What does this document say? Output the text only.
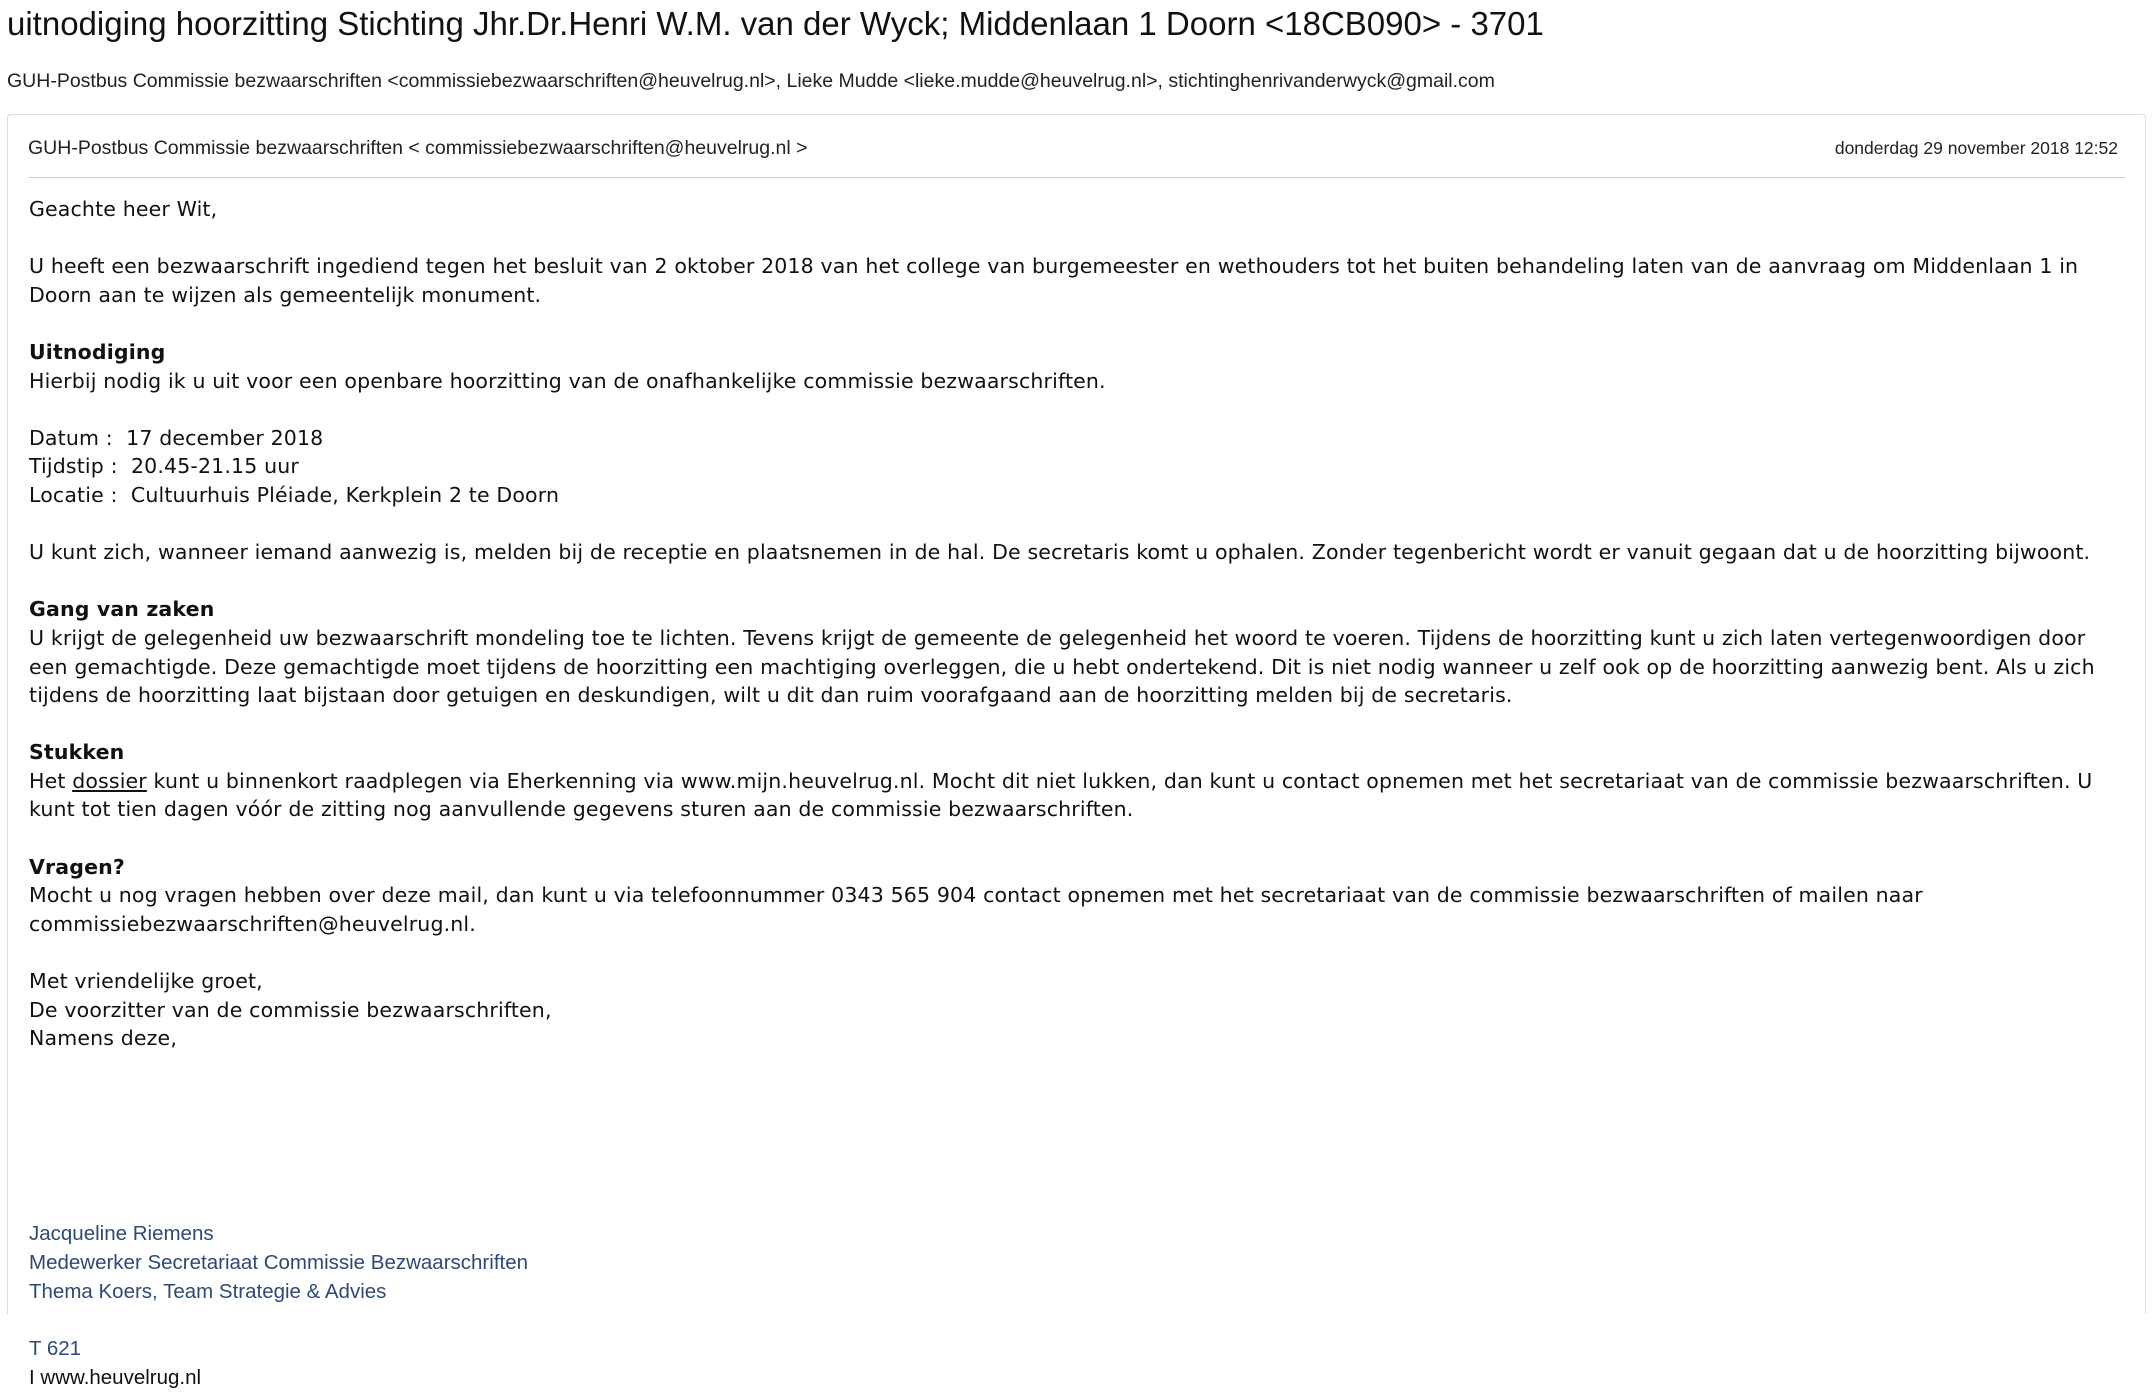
uitnodiging hoorzitting Stichting Jhr.Dr.Henri W.M. van der Wyck; Middenlaan 1 Doorn <18CB090> - 3701
GUH-Postbus Commissie bezwaarschriften <commissiebezwaarschriften@heuvelrug.nl>, Lieke Mudde <lieke.mudde@heuvelrug.nl>, stichtinghenrivanderwyck@gmail.com
GUH-Postbus Commissie bezwaarschriften < commissiebezwaarschriften@heuvelrug.nl >	donderdag 29 november 2018 12:52

Geachte heer Wit,

U heeft een bezwaarschrift ingediend tegen het besluit van 2 oktober 2018 van het college van burgemeester en wethouders tot het buiten behandeling laten van de aanvraag om Middenlaan 1 in
Doorn aan te wijzen als gemeentelijk monument.

Uitnodiging
Hierbij nodig ik u uit voor een openbare hoorzitting van de onafhankelijke commissie bezwaarschriften.

Datum :  17 december 2018
Tijdstip :  20.45-21.15 uur
Locatie :  Cultuurhuis Pléiade, Kerkplein 2 te Doorn

U kunt zich, wanneer iemand aanwezig is, melden bij de receptie en plaatsnemen in de hal. De secretaris komt u ophalen. Zonder tegenbericht wordt er vanuit gegaan dat u de hoorzitting bijwoont.

Gang van zaken
U krijgt de gelegenheid uw bezwaarschrift mondeling toe te lichten. Tevens krijgt de gemeente de gelegenheid het woord te voeren. Tijdens de hoorzitting kunt u zich laten vertegenwoordigen door
een gemachtigde. Deze gemachtigde moet tijdens de hoorzitting een machtiging overleggen, die u hebt ondertekend. Dit is niet nodig wanneer u zelf ook op de hoorzitting aanwezig bent. Als u zich
tijdens de hoorzitting laat bijstaan door getuigen en deskundigen, wilt u dit dan ruim voorafgaand aan de hoorzitting melden bij de secretaris.

Stukken
Het dossier kunt u binnenkort raadplegen via Eherkenning via www.mijn.heuvelrug.nl. Mocht dit niet lukken, dan kunt u contact opnemen met het secretariaat van de commissie bezwaarschriften. U
kunt tot tien dagen vóór de zitting nog aanvullende gegevens sturen aan de commissie bezwaarschriften.

Vragen?
Mocht u nog vragen hebben over deze mail, dan kunt u via telefoonnummer 0343 565 904 contact opnemen met het secretariaat van de commissie bezwaarschriften of mailen naar
commissiebezwaarschriften@heuvelrug.nl.

Met vriendelijke groet,
De voorzitter van de commissie bezwaarschriften,
Namens deze,

Jacqueline Riemens
Medewerker Secretariaat Commissie Bezwaarschriften
Thema Koers, Team Strategie & Advies
T 621
I www.heuvelrug.nl
